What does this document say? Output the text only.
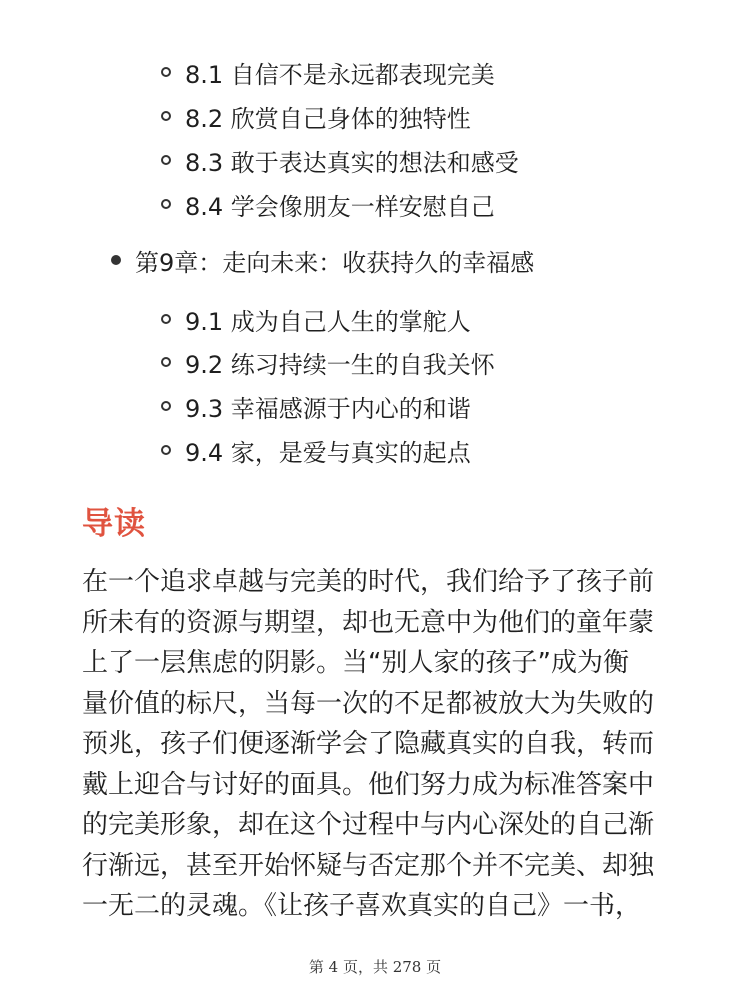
8.1 自信不是永远都表现完美
8.2 欣赏自己身体的独特性
8.3 敢于表达真实的想法和感受
8.4 学会像朋友一样安慰自己
第9章：走向未来：收获持久的幸福感
9.1 成为自己人生的掌舵人
9.2 练习持续一生的自我关怀
9.3 幸福感源于内心的和谐
9.4 家，是爱与真实的起点
导读
在一个追求卓越与完美的时代，我们给予了孩子前
所未有的资源与期望，却也无意中为他们的童年蒙
上了一层焦虑的阴影。当“别人家的孩子”成为衡
量价值的标尺，当每一次的不足都被放大为失败的
预兆，孩子们便逐渐学会了隐藏真实的自我，转而
戴上迎合与讨好的面具。他们努力成为标准答案中
的完美形象，却在这个过程中与内心深处的自己渐
行渐远，甚至开始怀疑与否定那个并不完美、却独
一无二的灵魂。《让孩子喜欢真实的自己》一书，
第 4 页，共 278 页
